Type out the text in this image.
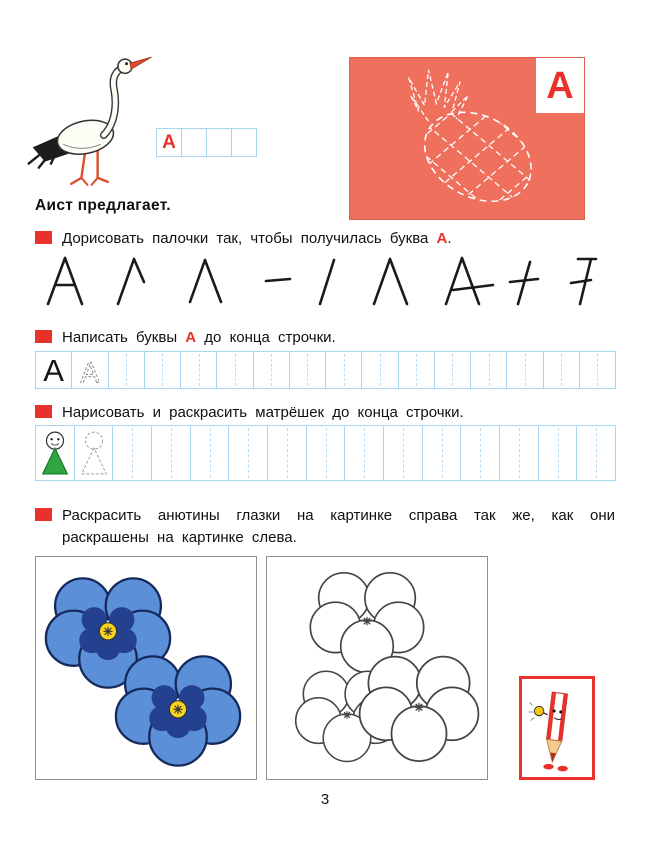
А
А
Аист предлагает.
Дорисовать палочки так, чтобы получилась буква А.
Написать буквы А до конца строчки.
А А
Нарисовать и раскрасить матрёшек до конца строчки.
Раскрасить анютины глазки на картинке справа так же, как они раскрашены на картинке слева.
3
